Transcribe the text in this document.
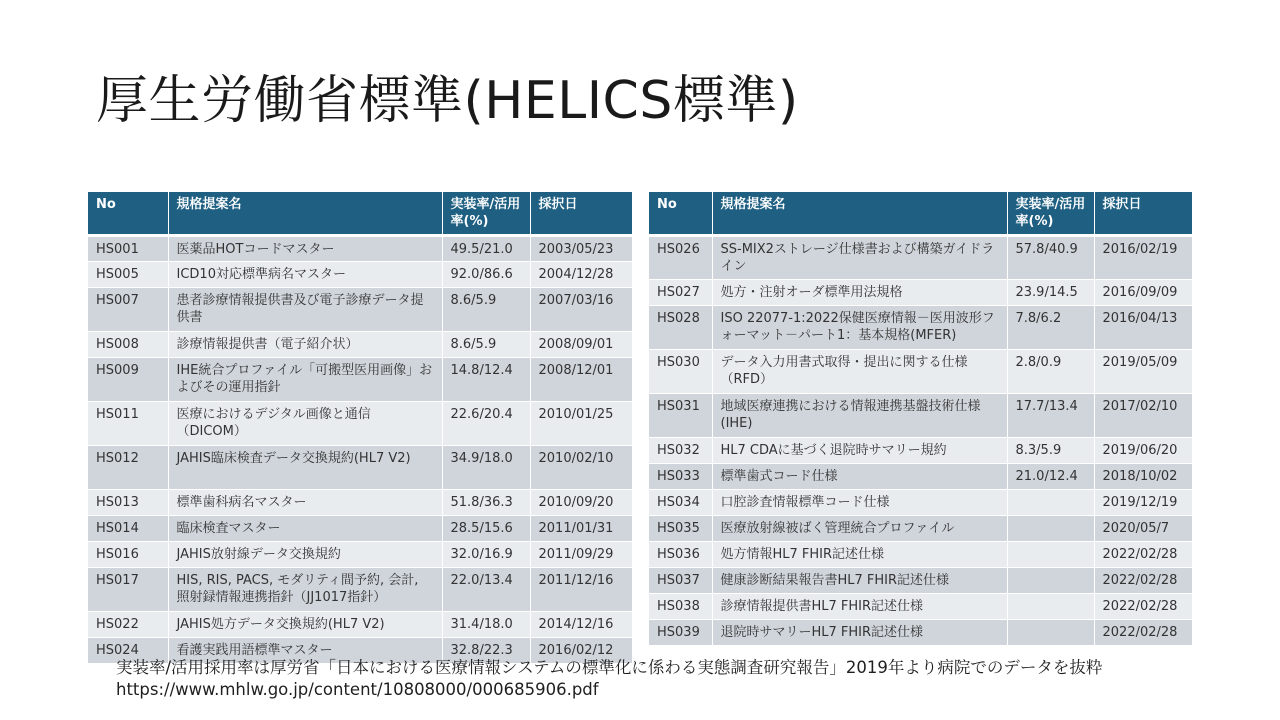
厚生労働省標準(HELICS標準)
No	規格提案名	実装率/活用率(%)	採択日
HS001	医薬品HOTコードマスター	49.5/21.0	2003/05/23
HS005	ICD10対応標準病名マスター	92.0/86.6	2004/12/28
HS007	患者診療情報提供書及び電子診療データ提供書	8.6/5.9	2007/03/16
HS008	診療情報提供書（電子紹介状）	8.6/5.9	2008/09/01
HS009	IHE統合プロファイル「可搬型医用画像」およびその運用指針	14.8/12.4	2008/12/01
HS011	医療におけるデジタル画像と通信（DICOM）	22.6/20.4	2010/01/25
HS012	JAHIS臨床検査データ交換規約(HL7 V2)	34.9/18.0	2010/02/10
HS013	標準歯科病名マスター	51.8/36.3	2010/09/20
HS014	臨床検査マスター	28.5/15.6	2011/01/31
HS016	JAHIS放射線データ交換規約	32.0/16.9	2011/09/29
HS017	HIS, RIS, PACS, モダリティ間予約, 会計, 照射録情報連携指針（JJ1017指針）	22.0/13.4	2011/12/16
HS022	JAHIS処方データ交換規約(HL7 V2)	31.4/18.0	2014/12/16
HS024	看護実践用語標準マスター	32.8/22.3	2016/02/12
No	規格提案名	実装率/活用率(%)	採択日
HS026	SS-MIX2ストレージ仕様書および構築ガイドライン	57.8/40.9	2016/02/19
HS027	処方・注射オーダ標準用法規格	23.9/14.5	2016/09/09
HS028	ISO 22077-1:2022保健医療情報－医用波形フォーマット－パート1：基本規格(MFER)	7.8/6.2	2016/04/13
HS030	データ入力用書式取得・提出に関する仕様（RFD）	2.8/0.9	2019/05/09
HS031	地域医療連携における情報連携基盤技術仕様(IHE)	17.7/13.4	2017/02/10
HS032	HL7 CDAに基づく退院時サマリー規約	8.3/5.9	2019/06/20
HS033	標準歯式コード仕様	21.0/12.4	2018/10/02
HS034	口腔診査情報標準コード仕様		2019/12/19
HS035	医療放射線被ばく管理統合プロファイル		2020/05/7
HS036	処方情報HL7 FHIR記述仕様		2022/02/28
HS037	健康診断結果報告書HL7 FHIR記述仕様		2022/02/28
HS038	診療情報提供書HL7 FHIR記述仕様		2022/02/28
HS039	退院時サマリーHL7 FHIR記述仕様		2022/02/28
実装率/活用採用率は厚労省「日本における医療情報システムの標準化に係わる実態調査研究報告」2019年より病院でのデータを抜粋https://www.mhlw.go.jp/content/10808000/000685906.pdf
